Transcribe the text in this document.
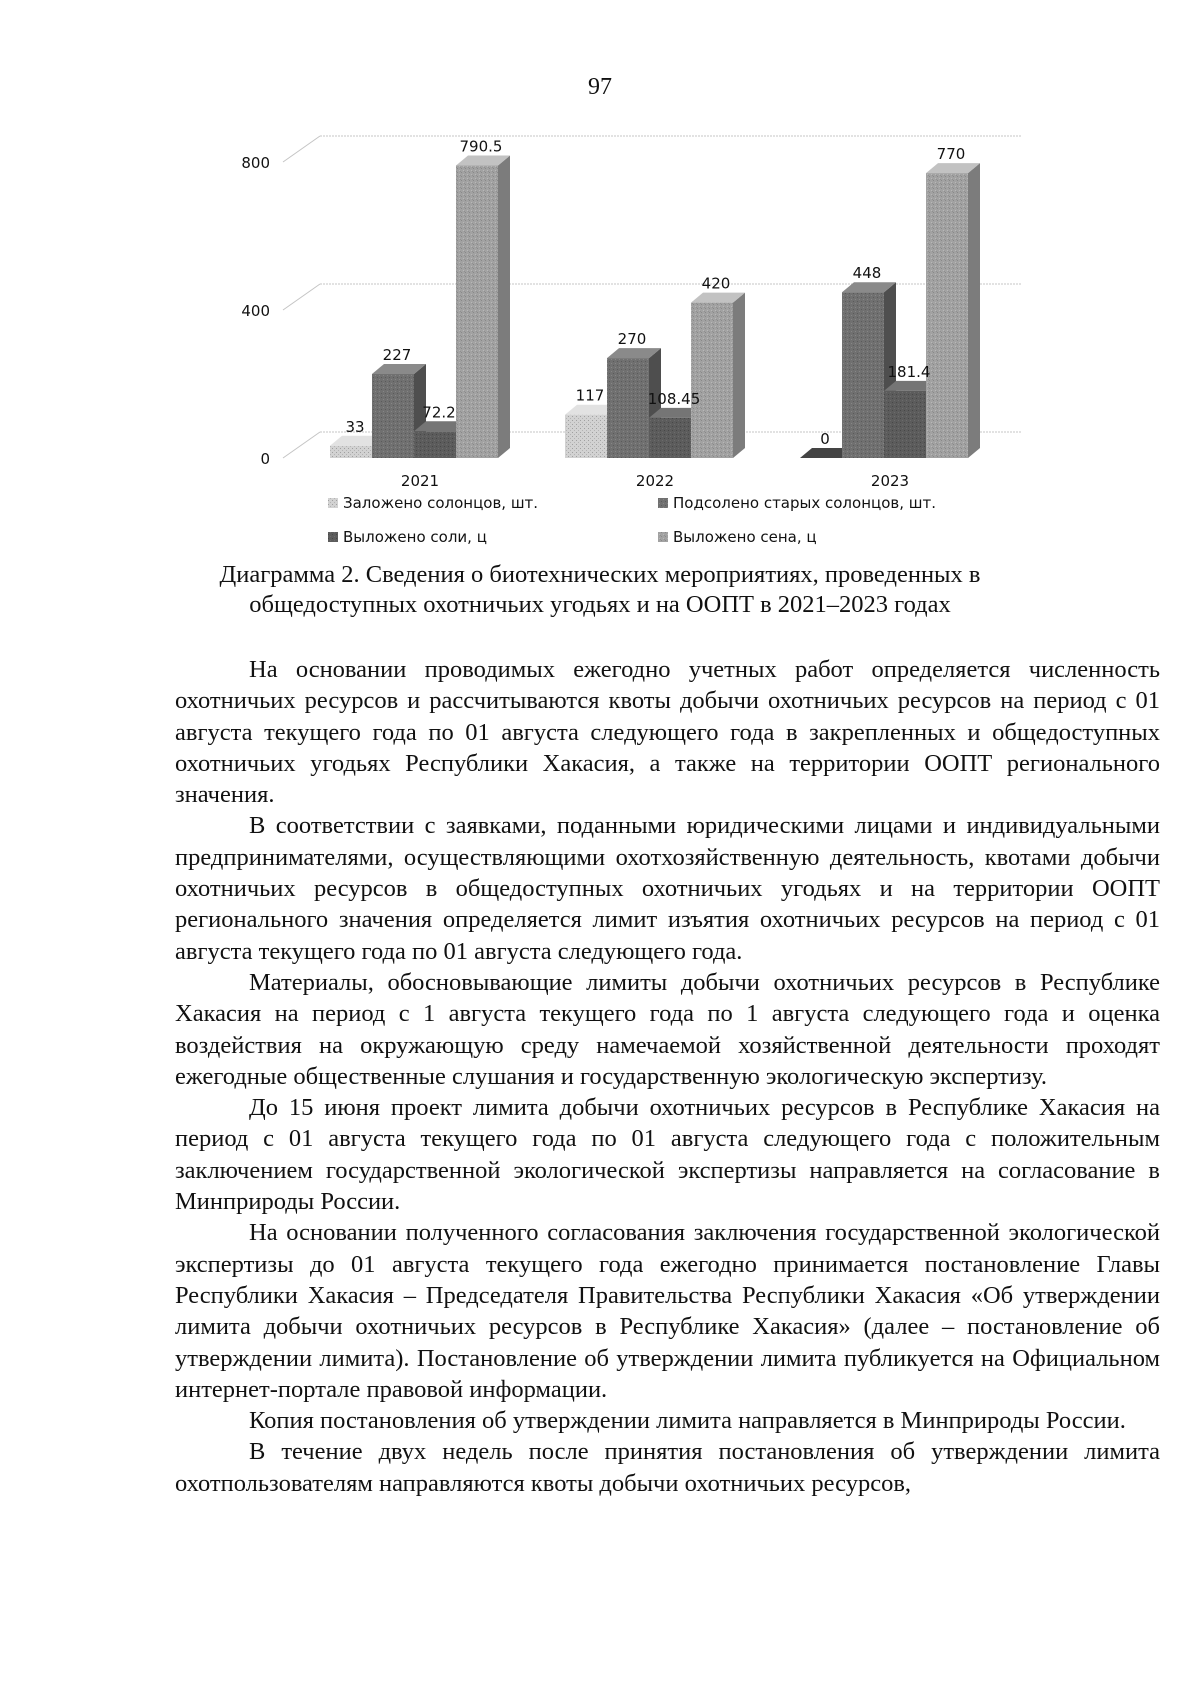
97
0
400
800
33
227
72.2
790.5
2021
117
270
108.45
420
2022
0
448
181.4
770
2023
Заложено солонцов, шт.	Подсолено старых солонцов, шт.
Выложено соли, ц	Выложено сена, ц
Диаграмма 2. Сведения о биотехнических мероприятиях, проведенных в
общедоступных охотничьих угодьях и на ООПТ в 2021–2023 годах

На основании проводимых ежегодно учетных работ определяется численность охотничьих ресурсов и рассчитываются квоты добычи охотничьих ресурсов на период с 01 августа текущего года по 01 августа следующего года в закрепленных и общедоступных охотничьих угодьях Республики Хакасия, а также на территории ООПТ регионального значения.

В соответствии с заявками, поданными юридическими лицами и индивидуальными предпринимателями, осуществляющими охотхозяйственную деятельность, квотами добычи охотничьих ресурсов в общедоступных охотничьих угодьях и на территории ООПТ регионального значения определяется лимит изъятия охотничьих ресурсов на период с 01 августа текущего года по 01 августа следующего года.

Материалы, обосновывающие лимиты добычи охотничьих ресурсов в Республике Хакасия на период с 1 августа текущего года по 1 августа следующего года и оценка воздействия на окружающую среду намечаемой хозяйственной деятельности проходят ежегодные общественные слушания и государственную экологическую экспертизу.

До 15 июня проект лимита добычи охотничьих ресурсов в Республике Хакасия на период с 01 августа текущего года по 01 августа следующего года с положительным заключением государственной экологической экспертизы направляется на согласование в Минприроды России.

На основании полученного согласования заключения государственной экологической экспертизы до 01 августа текущего года ежегодно принимается постановление Главы Республики Хакасия – Председателя Правительства Республики Хакасия «Об утверждении лимита добычи охотничьих ресурсов в Республике Хакасия» (далее – постановление об утверждении лимита). Постановление об утверждении лимита публикуется на Официальном интернет-портале правовой информации.

Копия постановления об утверждении лимита направляется в Минприроды России.

В течение двух недель после принятия постановления об утверждении лимита охотпользователям направляются квоты добычи охотничьих ресурсов,
